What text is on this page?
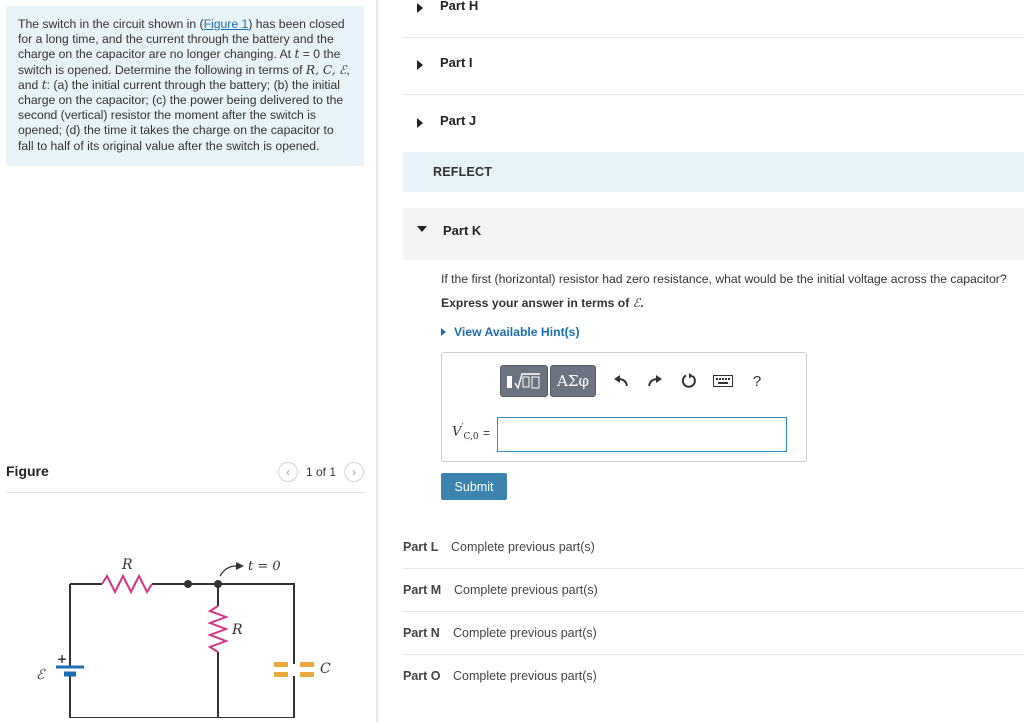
The switch in the circuit shown in (Figure 1) has been closed for a long time, and the current through the battery and the charge on the capacitor are no longer changing. At t = 0 the switch is opened. Determine the following in terms of R, C, ℰ, and t: (a) the initial current through the battery; (b) the initial charge on the capacitor; (c) the power being delivered to the second (vertical) resistor the moment after the switch is opened; (d) the time it takes the charge on the capacitor to fall to half of its original value after the switch is opened.
Figure	‹	1 of 1	›
R	t = 0
R
C
ℰ
+
Part H
Part I
Part J
REFLECT
Part K
If the first (horizontal) resistor had zero resistance, what would be the initial voltage across the capacitor?
Express your answer in terms of ℰ.
View Available Hint(s)
ΑΣφ	?
$V'_{C,0}$ =
Submit
Part L Complete previous part(s)
Part M Complete previous part(s)
Part N Complete previous part(s)
Part O Complete previous part(s)
